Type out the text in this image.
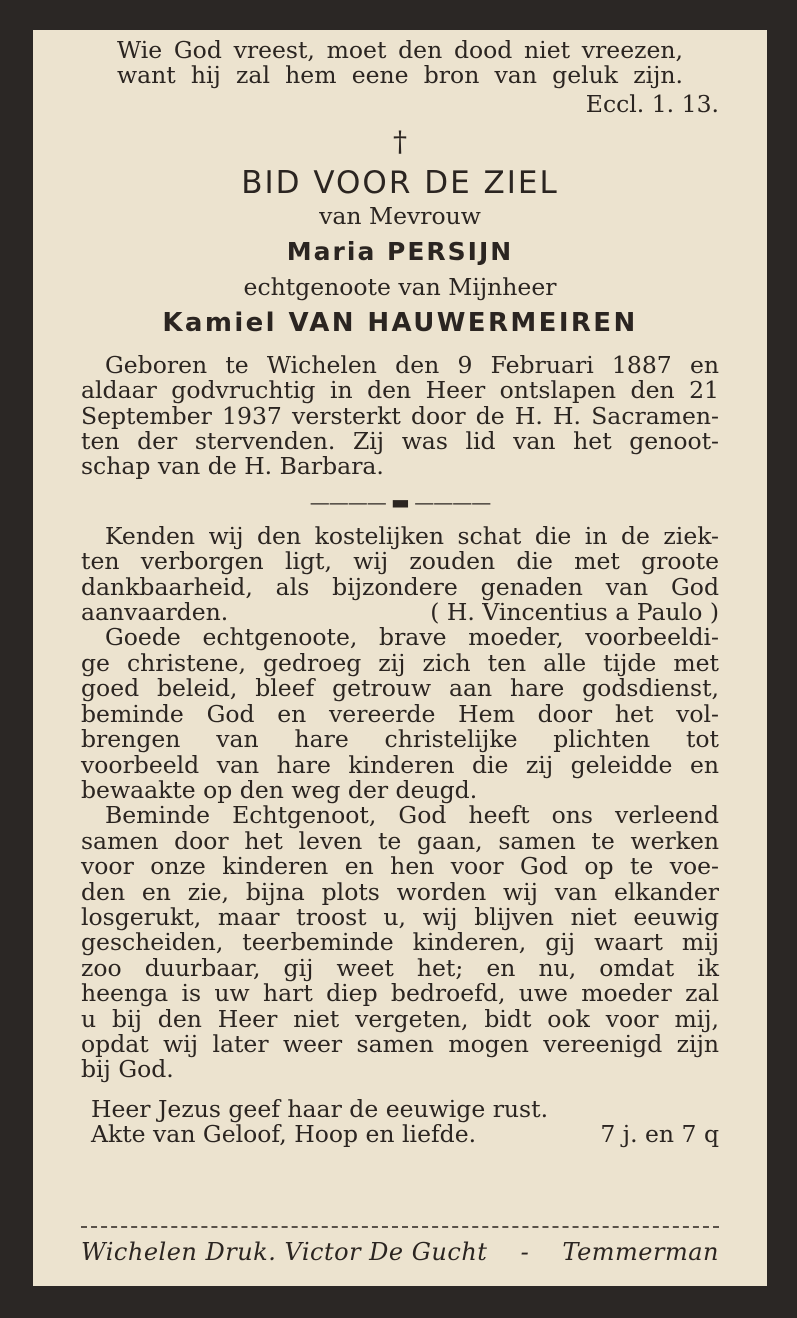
Wie God vreest, moet den dood niet vreezen,
want hij zal hem eene bron van geluk zijn.
Eccl. 1. 13.
†
BID VOOR DE ZIEL
van Mevrouw
Maria PERSIJN
echtgenoote van Mijnheer
Kamiel VAN HAUWERMEIREN
Geboren te Wichelen den 9 Februari 1887 en
aldaar godvruchtig in den Heer ontslapen den 21
September 1937 versterkt door de H. H. Sacramen-
ten der stervenden. Zij was lid van het genoot-
schap van de H. Barbara.
———— ▬ ————
Kenden wij den kostelijken schat die in de ziek-
ten verborgen ligt, wij zouden die met groote
dankbaarheid, als bijzondere genaden van God
aanvaarden.	( H. Vincentius a Paulo )
Goede echtgenoote, brave moeder, voorbeeldi-
ge christene, gedroeg zij zich ten alle tijde met
goed beleid, bleef getrouw aan hare godsdienst,
beminde God en vereerde Hem door het vol-
brengen van hare christelijke plichten tot
voorbeeld van hare kinderen die zij geleidde en
bewaakte op den weg der deugd.
Beminde Echtgenoot, God heeft ons verleend
samen door het leven te gaan, samen te werken
voor onze kinderen en hen voor God op te voe-
den en zie, bijna plots worden wij van elkander
losgerukt, maar troost u, wij blijven niet eeuwig
gescheiden, teerbeminde kinderen, gij waart mij
zoo duurbaar, gij weet het; en nu, omdat ik
heenga is uw hart diep bedroefd, uwe moeder zal
u bij den Heer niet vergeten, bidt ook voor mij,
opdat wij later weer samen mogen vereenigd zijn
bij God.
Heer Jezus geef haar de eeuwige rust.
Akte van Geloof, Hoop en liefde.	7 j. en 7 q
Wichelen Druk. Victor De Gucht - Temmerman
